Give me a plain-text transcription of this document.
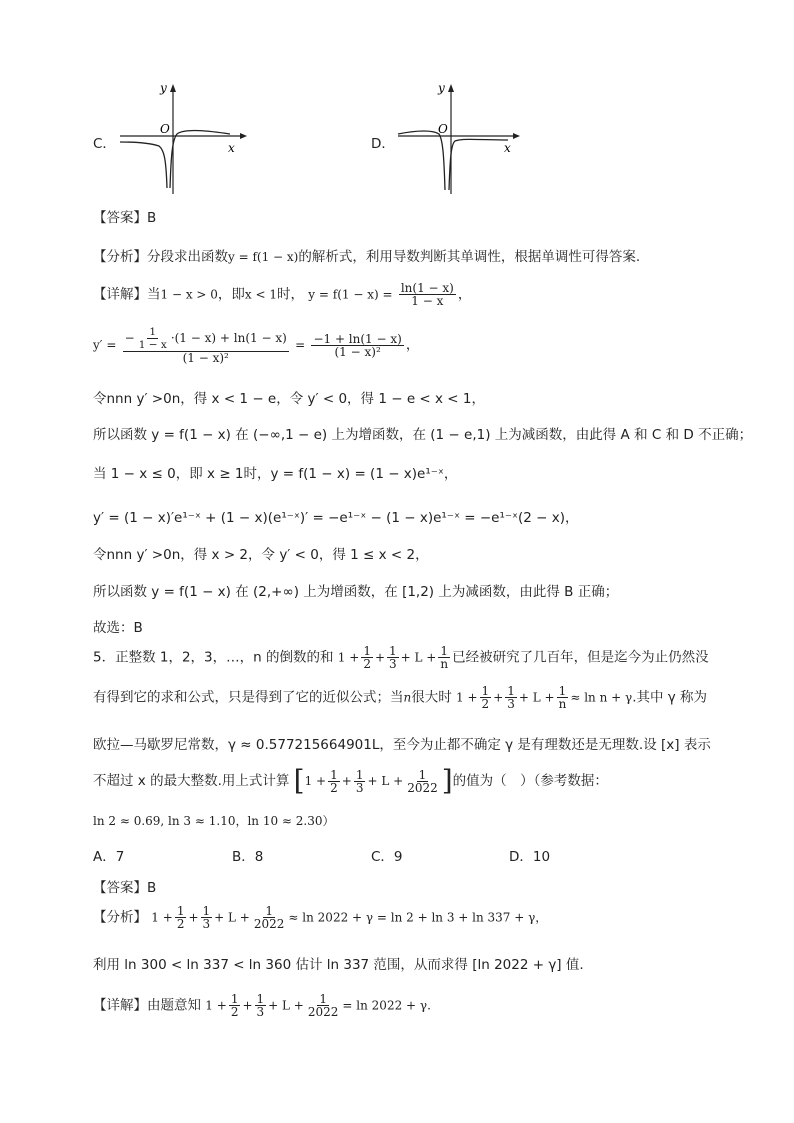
C．
y
O
x	D．
y
O
x
【答案】B
【分析】分段求出函数y = f(1 − x)的解析式，利用导数判断其单调性，根据单调性可得答案.
【详解】当1 − x > 0，即x < 1时， $y = f(1 - x) = \frac{\ln(1 - x)}{1 - x}$ ，
$y' = \frac{- \frac{1}{1 - x} \cdot(1 - x) + \ln(1 - x)}{\text{(1 − x)²}} = \frac{-1 + \ln(1 - x)}{\text{(1 − x)²}}$ ，
令nnn y′ >0n，得 x < 1 − e，令 y′ < 0，得 1 − e < x < 1，
所以函数 y = f(1 − x) 在 (−∞,1 − e) 上为增函数，在 (1 − e,1) 上为减函数，由此得 A 和 C 和 D 不正确；
当 1 − x ≤ 0，即 x ≥ 1时，y = f(1 − x) = (1 − x)e¹⁻ˣ，
y′ = (1 − x)′e¹⁻ˣ + (1 − x)(e¹⁻ˣ)′ = −e¹⁻ˣ − (1 − x)e¹⁻ˣ = −e¹⁻ˣ(2 − x)，
令nnn y′ >0n，得 x > 2，令 y′ < 0，得 1 ≤ x < 2，
所以函数 y = f(1 − x) 在 (2,+∞) 上为增函数，在 [1,2) 上为减函数，由此得 B 正确；
故选：B
5．正整数 1，2，3，…，n 的倒数的和 $1 + \frac{1}{2} + \frac{1}{3} + L + \frac{1}{n}$ 已经被研究了几百年，但是迄今为止仍然没
有得到它的求和公式，只是得到了它的近似公式；当n很大时 $1 + \frac{1}{2} + \frac{1}{3} + L + \frac{1}{n} \approx \ln n + \gamma$.其中 γ 称为
欧拉—马歇罗尼常数，γ ≈ 0.577215664901L，至今为止都不确定 γ 是有理数还是无理数.设 [x] 表示
不超过 x 的最大整数.用上式计算 [$1 + \frac{1}{2} + \frac{1}{3} + L + \frac{1}{2022}$ ]的值为（　）（参考数据：
ln 2 ≈ 0.69, ln 3 ≈ 1.10，ln 10 ≈ 2.30）
A．7	B．8	C．9	D．10
【答案】B
【分析】 $1 + \frac{1}{2} + \frac{1}{3} + L + \frac{1}{2022} \approx \ln 2022 + \gamma = \ln 2 + \ln 3 + \ln 337 + \gamma$，
利用 ln 300 < ln 337 < ln 360 估计 ln 337 范围，从而求得 [ln 2022 + γ] 值.
【详解】由题意知 $1 + \frac{1}{2} + \frac{1}{3} + L + \frac{1}{2022} = \ln 2022 + \gamma$.
